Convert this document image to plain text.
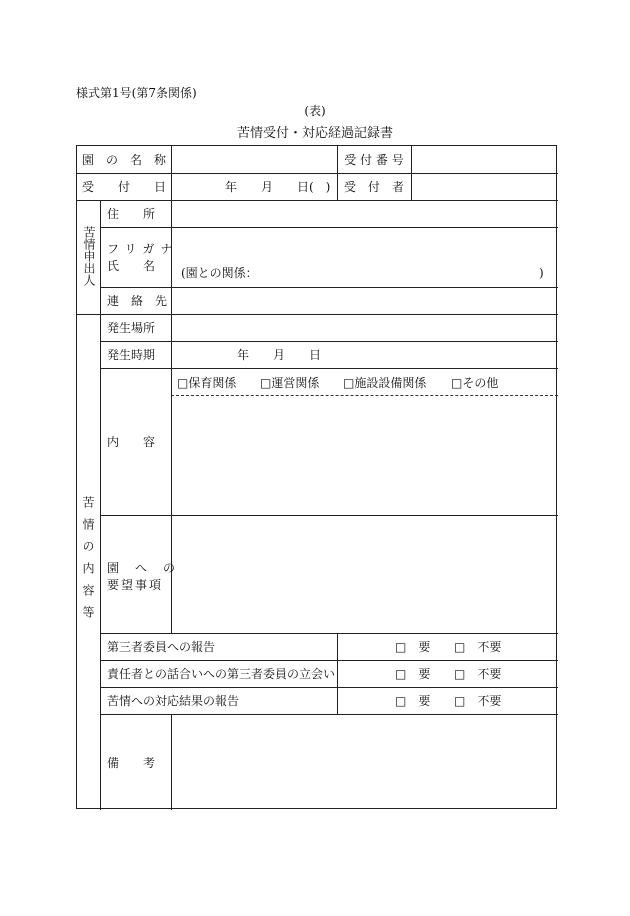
様式第1号(第7条関係)
(表)
苦情受付・対応経過記録書
園　の　名　称	受 付 番 号
受　　付　　日	年　　月　　日(　)	受　付　者
苦情申出人
住　　所
フリガナ
氏　　名 (園との関係：	)
連　絡　先
苦情の内容等
発生場所
発生時期	年　　月　　日
内　　容
□保育関係 □運営関係 □施設設備関係 □その他
園　へ　の
要望事項
第三者委員への報告	□　要 □　不要
責任者との話合いへの第三者委員の立会い	□　要 □　不要
苦情への対応結果の報告	□　要 □　不要
備　　考
